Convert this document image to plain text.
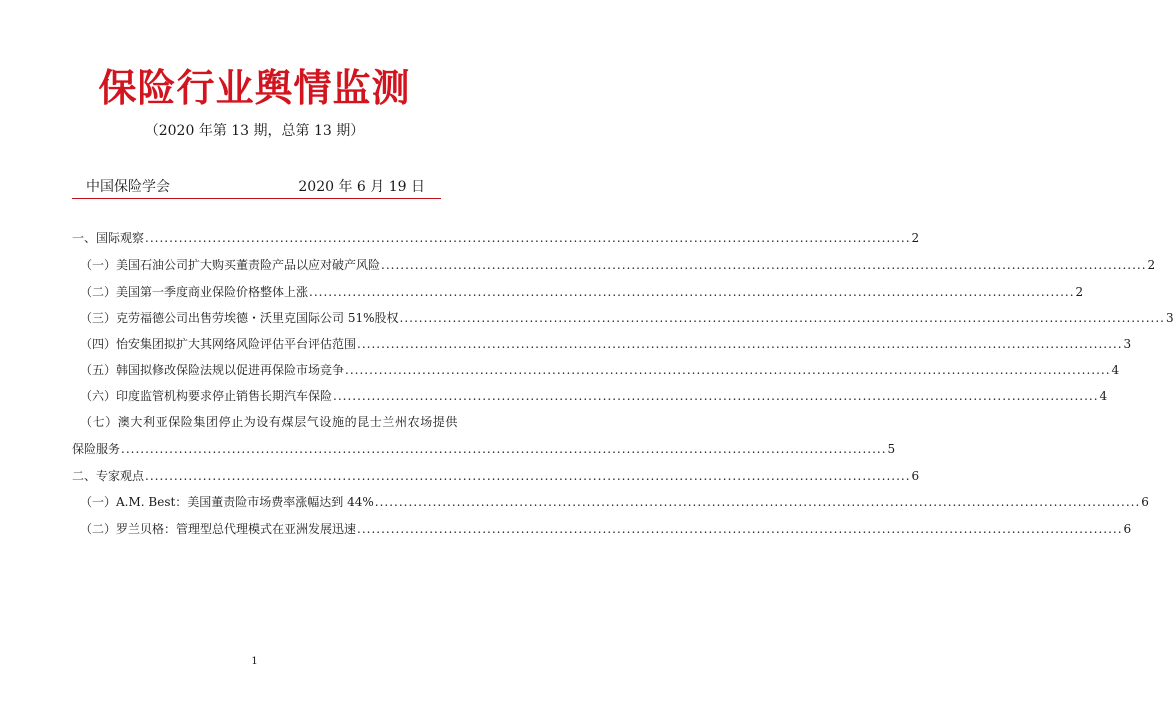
保险行业舆情监测
（2020 年第 13 期，总第 13 期）
中国保险学会	2020 年 6 月 19 日
一、国际观察 ............................................................................................................................................................... 2
（一）美国石油公司扩大购买董责险产品以应对破产风险 ............................................................................................................................................................... 2
（二）美国第一季度商业保险价格整体上涨 ............................................................................................................................................................... 2
（三）克劳福德公司出售劳埃德・沃里克国际公司 51%股权 ............................................................................................................................................................... 3
（四）怡安集团拟扩大其网络风险评估平台评估范围 ............................................................................................................................................................... 3
（五）韩国拟修改保险法规以促进再保险市场竞争 ............................................................................................................................................................... 4
（六）印度监管机构要求停止销售长期汽车保险 ............................................................................................................................................................... 4
（七）澳大利亚保险集团停止为设有煤层气设施的昆士兰州农场提供
保险服务 ............................................................................................................................................................... 5
二、专家观点 ............................................................................................................................................................... 6
（一）A.M. Best：美国董责险市场费率涨幅达到 44% ............................................................................................................................................................... 6
（二）罗兰贝格：管理型总代理模式在亚洲发展迅速 ............................................................................................................................................................... 6
1
